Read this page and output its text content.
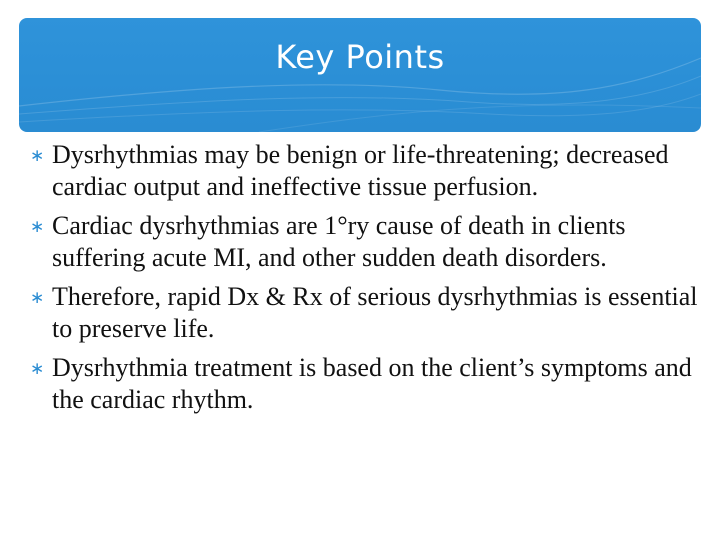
Key Points
∗ Dysrhythmias may be benign or life-threatening; decreased cardiac output and ineffective tissue perfusion.
∗ Cardiac dysrhythmias are 1°ry cause of death in clients suffering acute MI, and other sudden death disorders.
∗ Therefore, rapid Dx & Rx of serious dysrhythmias is essential to preserve life.
∗ Dysrhythmia treatment is based on the client’s symptoms and the cardiac rhythm.
